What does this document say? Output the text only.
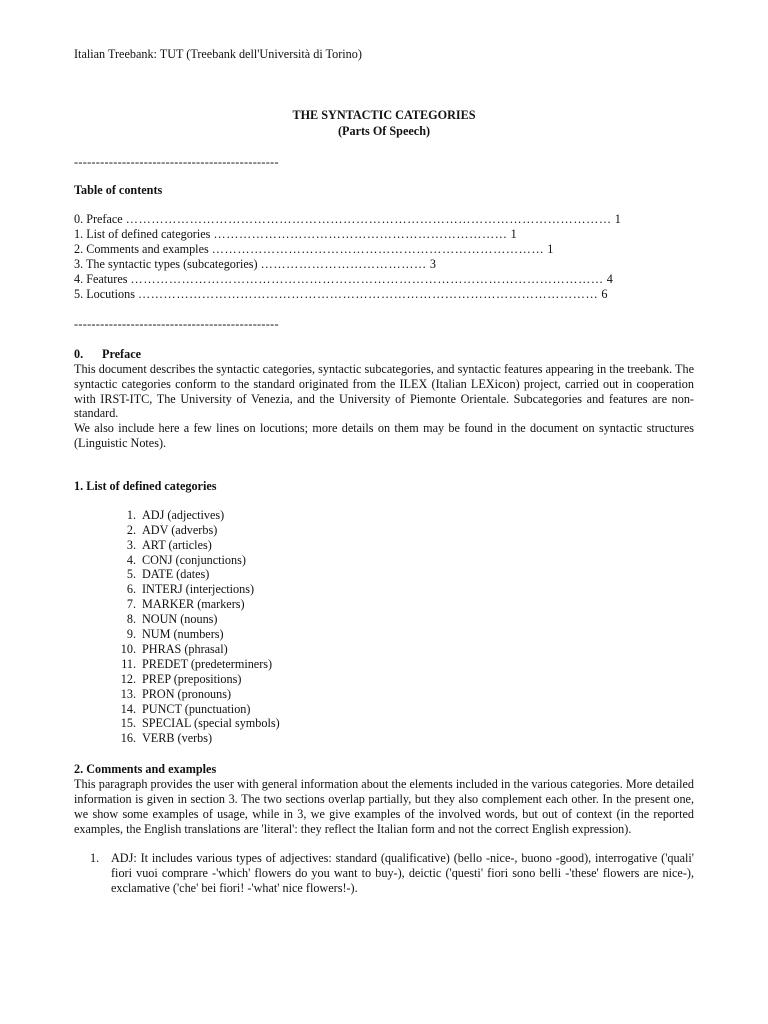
Italian Treebank: TUT (Treebank dell'Università di Torino)
THE SYNTACTIC CATEGORIES
(Parts Of Speech)
-----------------------------------------------
Table of contents
0. Preface …………………………………………………………………………………………………… 1
1. List of defined categories …………………………………………………………… 1
2. Comments and examples …………………………………………………………………… 1
3. The syntactic types (subcategories) ………………………………… 3
4. Features ………………………………………………………………………………………………… 4
5. Locutions ……………………………………………………………………………………………… 6
-----------------------------------------------
0. Preface

This document describes the syntactic categories, syntactic subcategories, and syntactic features appearing in the treebank. The syntactic categories conform to the standard originated from the ILEX (Italian LEXicon) project, carried out in cooperation with IRST-ITC, The University of Venezia, and the University of Piemonte Orientale. Subcategories and features are non-standard.

We also include here a few lines on locutions; more details on them may be found in the document on syntactic structures (Linguistic Notes).

1. List of defined categories
1. ADJ (adjectives)
2. ADV (adverbs)
3. ART (articles)
4. CONJ (conjunctions)
5. DATE (dates)
6. INTERJ (interjections)
7. MARKER (markers)
8. NOUN (nouns)
9. NUM (numbers)
10. PHRAS (phrasal)
11. PREDET (predeterminers)
12. PREP (prepositions)
13. PRON (pronouns)
14. PUNCT (punctuation)
15. SPECIAL (special symbols)
16. VERB (verbs)
2. Comments and examples

This paragraph provides the user with general information about the elements included in the various categories. More detailed information is given in section 3. The two sections overlap partially, but they also complement each other. In the present one, we show some examples of usage, while in 3, we give examples of the involved words, but out of context (in the reported examples, the English translations are 'literal': they reflect the Italian form and not the correct English expression).

1. ADJ: It includes various types of adjectives: standard (qualificative) (bello -nice-, buono -good), interrogative ('quali' fiori vuoi comprare -'which' flowers do you want to buy-), deictic ('questi' fiori sono belli -'these' flowers are nice-), exclamative ('che' bei fiori! -'what' nice flowers!-).
